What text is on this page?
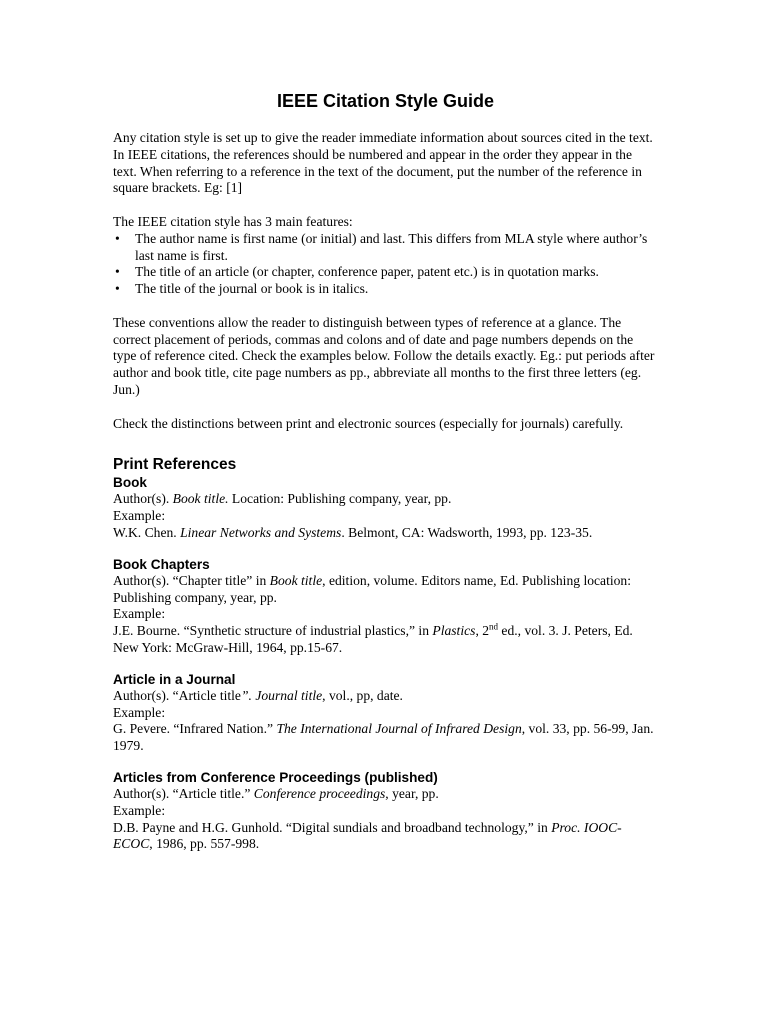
IEEE Citation Style Guide

Any citation style is set up to give the reader immediate information about sources cited in the text. In IEEE citations, the references should be numbered and appear in the order they appear in the text. When referring to a reference in the text of the document, put the number of the reference in square brackets. Eg: [1]

The IEEE citation style has 3 main features:

• The author name is first name (or initial) and last. This differs from MLA style where author’s last name is first.
• The title of an article (or chapter, conference paper, patent etc.) is in quotation marks.
• The title of the journal or book is in italics.

These conventions allow the reader to distinguish between types of reference at a glance. The correct placement of periods, commas and colons and of date and page numbers depends on the type of reference cited. Check the examples below. Follow the details exactly. Eg.: put periods after author and book title, cite page numbers as pp., abbreviate all months to the first three letters (eg. Jun.)

Check the distinctions between print and electronic sources (especially for journals) carefully.

Print References
Book

Author(s). Book title. Location: Publishing company, year, pp.

Example:

W.K. Chen. Linear Networks and Systems. Belmont, CA: Wadsworth, 1993, pp. 123-35.

Book Chapters

Author(s). “Chapter title” in Book title, edition, volume. Editors name, Ed. Publishing location: Publishing company, year, pp.

Example:

J.E. Bourne. “Synthetic structure of industrial plastics,” in Plastics, 2nd ed., vol. 3. J. Peters, Ed. New York: McGraw-Hill, 1964, pp.15-67.

Article in a Journal

Author(s). “Article title”. Journal title, vol., pp, date.

Example:

G. Pevere. “Infrared Nation.” The International Journal of Infrared Design, vol. 33, pp. 56-99, Jan. 1979.

Articles from Conference Proceedings (published)

Author(s). “Article title.” Conference proceedings, year, pp.

Example:

D.B. Payne and H.G. Gunhold. “Digital sundials and broadband technology,” in Proc. IOOC-ECOC, 1986, pp. 557-998.
